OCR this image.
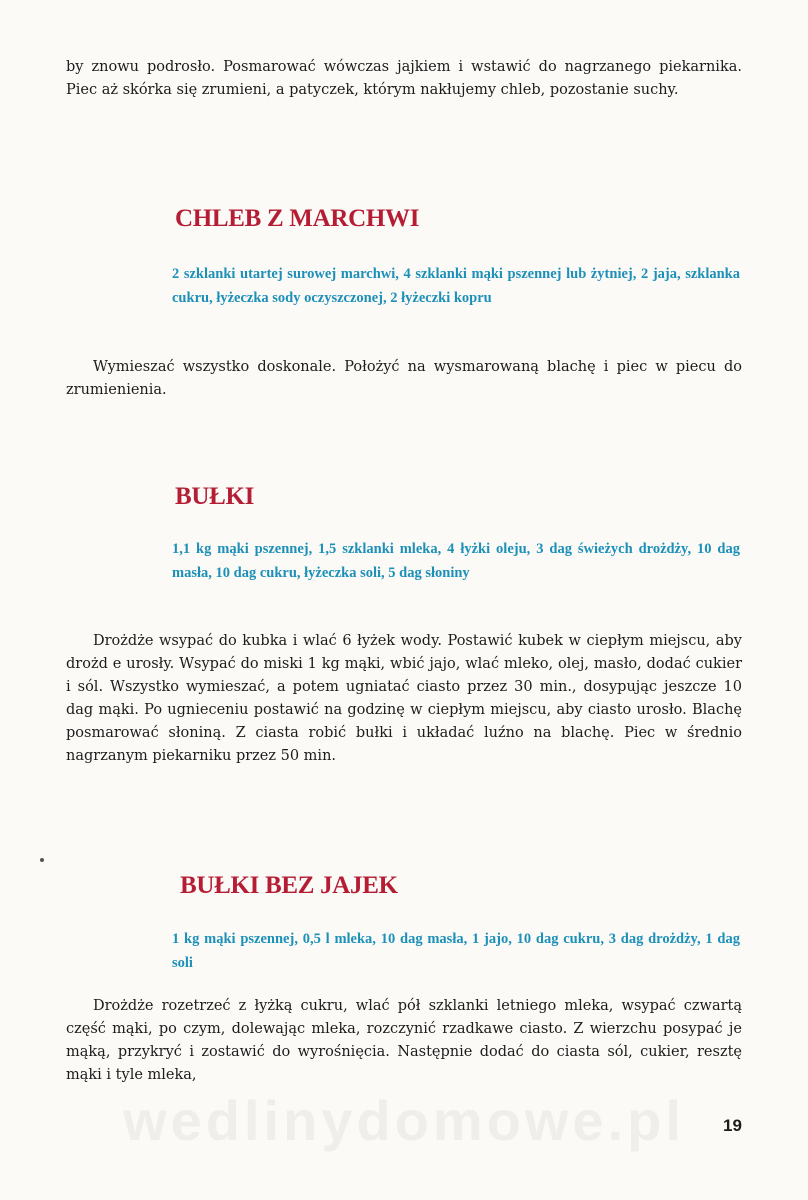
by znowu podrosło. Posmarować wówczas jajkiem i wstawić do nagrzanego piekarnika. Piec aż skórka się zrumieni, a patyczek, którym nakłujemy chleb, pozostanie suchy.

CHLEB Z MARCHWI

2 szklanki utartej surowej marchwi, 4 szklanki mąki pszennej lub żytniej, 2 jaja, szklanka cukru, łyżeczka sody oczyszczonej, 2 łyżeczki kopru

Wymieszać wszystko doskonale. Położyć na wysmarowaną blachę i piec w piecu do zrumienienia.

BUŁKI

1,1 kg mąki pszennej, 1,5 szklanki mleka, 4 łyżki oleju, 3 dag świeżych drożdży, 10 dag masła, 10 dag cukru, łyżeczka soli, 5 dag słoniny

Drożdże wsypać do kubka i wlać 6 łyżek wody. Postawić kubek w ciepłym miejscu, aby drożd e urosły. Wsypać do miski 1 kg mąki, wbić jajo, wlać mleko, olej, masło, dodać cukier i sól. Wszystko wymieszać, a potem ugniatać ciasto przez 30 min., dosypując jeszcze 10 dag mąki. Po ugnieceniu postawić na godzinę w ciepłym miejscu, aby ciasto urosło. Blachę posmarować słoniną. Z ciasta robić bułki i układać luźno na blachę. Piec w średnio nagrzanym piekarniku przez 50 min.

BUŁKI BEZ JAJEK

1 kg mąki pszennej, 0,5 l mleka, 10 dag masła, 1 jajo, 10 dag cukru, 3 dag drożdży, 1 dag soli

Drożdże rozetrzeć z łyżką cukru, wlać pół szklanki letniego mleka, wsypać czwartą część mąki, po czym, dolewając mleka, rozczynić rzadkawe ciasto. Z wierzchu posypać je mąką, przykryć i zostawić do wyrośnięcia. Następnie dodać do ciasta sól, cukier, resztę mąki i tyle mleka,

wedlinydomowe.pl	19
